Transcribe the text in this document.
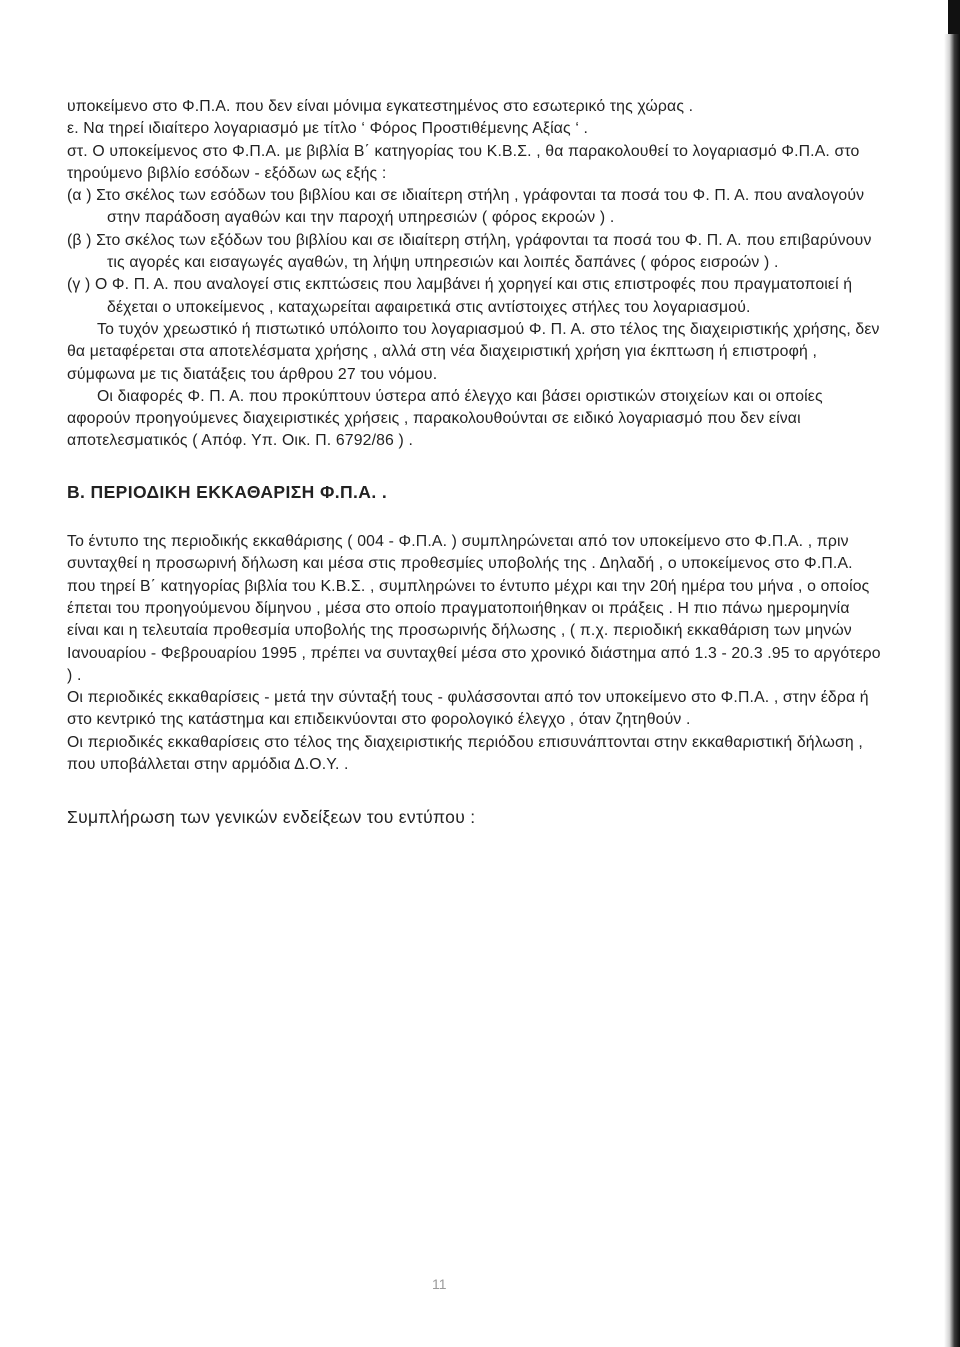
υποκείμενο στο Φ.Π.Α. που δεν είναι μόνιμα εγκατεστημένος στο εσωτερικό της χώρας .

ε. Να τηρεί ιδιαίτερο λογαριασμό με τίτλο ‘ Φόρος Προστιθέμενης Αξίας ‘ .

στ. Ο υποκείμενος στο Φ.Π.Α. με βιβλία Β΄ κατηγορίας του Κ.Β.Σ. , θα παρακολουθεί το λογαριασμό Φ.Π.Α. στο τηρούμενο βιβλίο εσόδων - εξόδων ως εξής :

(α ) Στο σκέλος των εσόδων του βιβλίου και σε ιδιαίτερη στήλη , γράφονται τα ποσά του Φ. Π. Α. που αναλογούν στην παράδοση αγαθών και την παροχή υπηρεσιών ( φόρος εκροών ) .

(β ) Στο σκέλος των εξόδων του βιβλίου και σε ιδιαίτερη στήλη, γράφονται τα ποσά του Φ. Π. Α. που επιβαρύνουν τις αγορές και εισαγωγές αγαθών, τη λήψη υπηρεσιών και λοιπές δαπάνες ( φόρος εισροών ) .

(γ ) Ο Φ. Π. Α. που αναλογεί στις εκπτώσεις που λαμβάνει ή χορηγεί και στις επιστροφές που πραγματοποιεί ή δέχεται ο υποκείμενος , καταχωρείται αφαιρετικά στις αντίστοιχες στήλες του λογαριασμού.

Το τυχόν χρεωστικό ή πιστωτικό υπόλοιπο του λογαριασμού Φ. Π. Α. στο τέλος της διαχειριστικής χρήσης, δεν θα μεταφέρεται στα αποτελέσματα χρήσης , αλλά στη νέα διαχειριστική χρήση για έκπτωση ή επιστροφή , σύμφωνα με τις διατάξεις του άρθρου 27 του νόμου.

Οι διαφορές Φ. Π. Α. που προκύπτουν ύστερα από έλεγχο και βάσει οριστικών στοιχείων και οι οποίες αφορούν προηγούμενες διαχειριστικές χρήσεις , παρακολουθούνται σε ειδικό λογαριασμό που δεν είναι αποτελεσματικός ( Απόφ. Υπ. Οικ. Π. 6792/86 ) .

Β. ΠΕΡΙΟΔΙΚΗ ΕΚΚΑΘΑΡΙΣΗ Φ.Π.Α. .

Το έντυπο της περιοδικής εκκαθάρισης ( 004 - Φ.Π.Α. ) συμπληρώνεται από τον υποκείμενο στο Φ.Π.Α. , πριν συνταχθεί η προσωρινή δήλωση και μέσα στις προθεσμίες υποβολής της . Δηλαδή , ο υποκείμενος στο Φ.Π.Α. που τηρεί Β΄ κατηγορίας βιβλία του Κ.Β.Σ. , συμπληρώνει το έντυπο μέχρι και την 20ή ημέρα του μήνα , ο οποίος έπεται του προηγούμενου δίμηνου , μέσα στο οποίο πραγματοποιήθηκαν οι πράξεις . Η πιο πάνω ημερομηνία είναι και η τελευταία προθεσμία υποβολής της προσωρινής δήλωσης , ( π.χ. περιοδική εκκαθάριση των μηνών Ιανουαρίου - Φεβρουαρίου 1995 , πρέπει να συνταχθεί μέσα στο χρονικό διάστημα από 1.3 - 20.3 .95 το αργότερο ) .

Οι περιοδικές εκκαθαρίσεις - μετά την σύνταξή τους - φυλάσσονται από τον υποκείμενο στο Φ.Π.Α. , στην έδρα ή στο κεντρικό της κατάστημα και επιδεικνύονται στο φορολογικό έλεγχο , όταν ζητηθούν .

Οι περιοδικές εκκαθαρίσεις στο τέλος της διαχειριστικής περιόδου επισυνάπτονται στην εκκαθαριστική δήλωση , που υποβάλλεται στην αρμόδια Δ.Ο.Υ. .

Συμπλήρωση των γενικών ενδείξεων του εντύπου :

11
